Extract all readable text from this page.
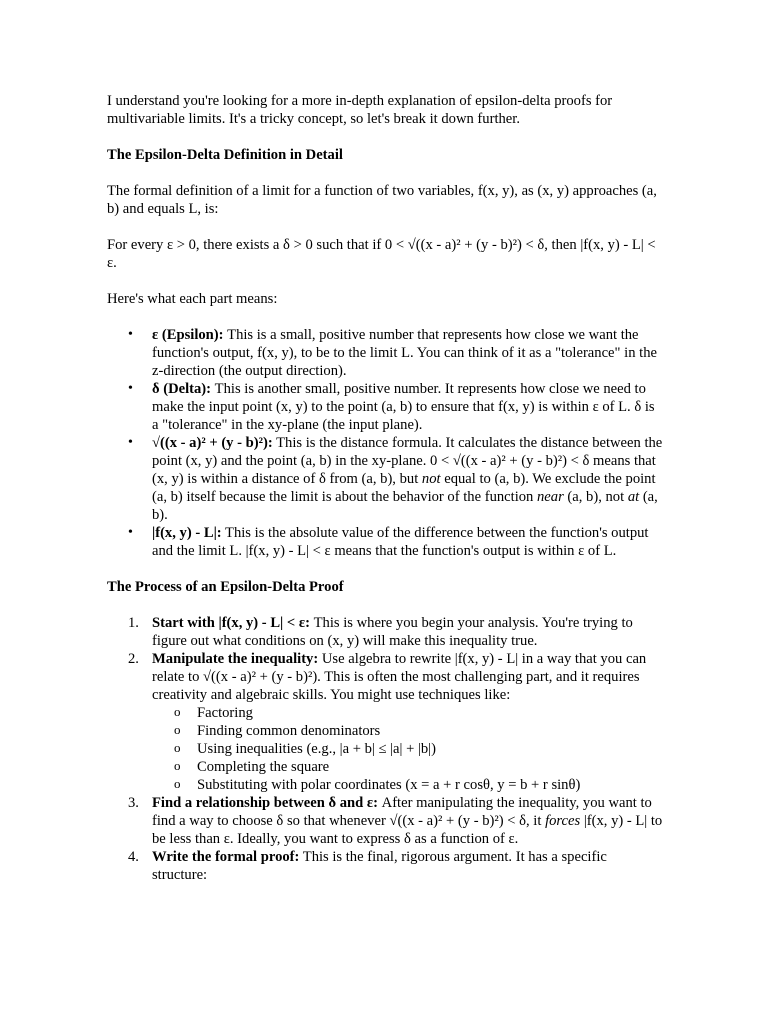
I understand you're looking for a more in-depth explanation of epsilon-delta proofs for multivariable limits. It's a tricky concept, so let's break it down further.

The Epsilon-Delta Definition in Detail

The formal definition of a limit for a function of two variables, f(x, y), as (x, y) approaches (a, b) and equals L, is:

For every ε > 0, there exists a δ > 0 such that if 0 < √((x - a)² + (y - b)²) < δ, then |f(x, y) - L| < ε.

Here's what each part means:

• ε (Epsilon): This is a small, positive number that represents how close we want the function's output, f(x, y), to be to the limit L. You can think of it as a "tolerance" in the z-direction (the output direction).
• δ (Delta): This is another small, positive number. It represents how close we need to make the input point (x, y) to the point (a, b) to ensure that f(x, y) is within ε of L. δ is a "tolerance" in the xy-plane (the input plane).
• √((x - a)² + (y - b)²): This is the distance formula. It calculates the distance between the point (x, y) and the point (a, b) in the xy-plane. 0 < √((x - a)² + (y - b)²) < δ means that (x, y) is within a distance of δ from (a, b), but not equal to (a, b). We exclude the point (a, b) itself because the limit is about the behavior of the function near (a, b), not at (a, b).
• |f(x, y) - L|: This is the absolute value of the difference between the function's output and the limit L. |f(x, y) - L| < ε means that the function's output is within ε of L.
The Process of an Epsilon-Delta Proof
1. Start with |f(x, y) - L| < ε: This is where you begin your analysis. You're trying to figure out what conditions on (x, y) will make this inequality true.
2. Manipulate the inequality: Use algebra to rewrite |f(x, y) - L| in a way that you can relate to √((x - a)² + (y - b)²). This is often the most challenging part, and it requires creativity and algebraic skills. You might use techniques like:
o Factoring
o Finding common denominators
o Using inequalities (e.g., |a + b| ≤ |a| + |b|)
o Completing the square
o Substituting with polar coordinates (x = a + r cosθ, y = b + r sinθ)
3. Find a relationship between δ and ε: After manipulating the inequality, you want to find a way to choose δ so that whenever √((x - a)² + (y - b)²) < δ, it forces |f(x, y) - L| to be less than ε. Ideally, you want to express δ as a function of ε.
4. Write the formal proof: This is the final, rigorous argument. It has a specific structure:
